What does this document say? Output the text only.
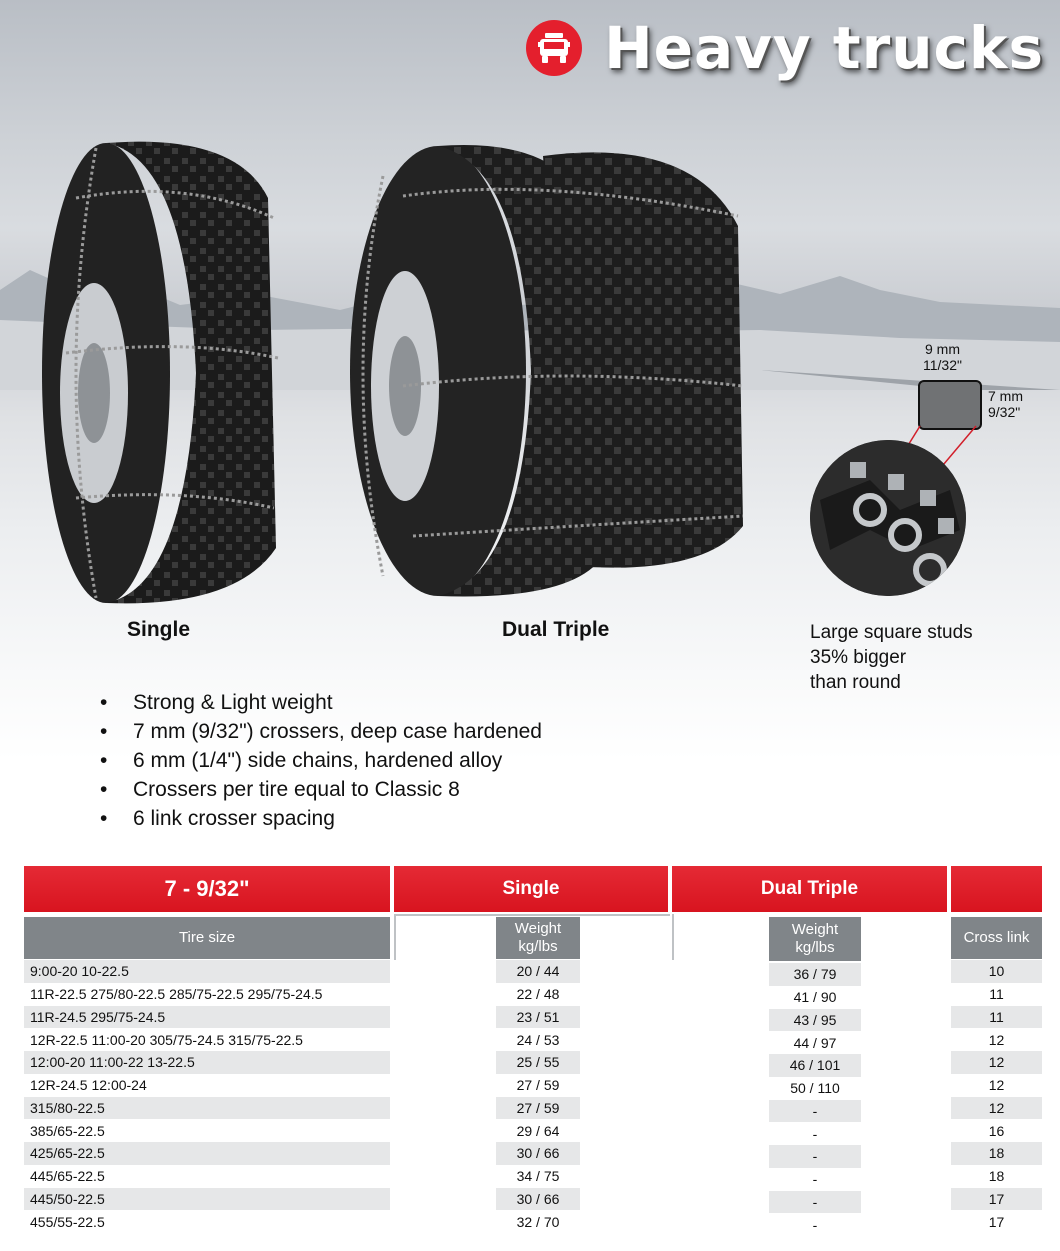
Heavy trucks
Single	Dual Triple
9 mm
11/32"
7 mm
9/32"
Large square studs
35% bigger
than round
• Strong & Light weight
• 7 mm (9/32") crossers, deep case hardened
• 6 mm (1/4") side chains, hardened alloy
• Crossers per tire equal to Classic 8
• 6 link crosser spacing
7 - 9/32"	Single	Dual Triple
Tire size
Weight
kg/lbs
Weight
kg/lbs
Cross link
9:00-20 10-22.5	20 / 44	36 / 79	10
11R-22.5 275/80-22.5 285/75-22.5 295/75-24.5	22 / 48	41 / 90	11
11R-24.5 295/75-24.5	23 / 51	43 / 95	11
12R-22.5 11:00-20 305/75-24.5 315/75-22.5	24 / 53	44 / 97	12
12:00-20 11:00-22 13-22.5	25 / 55	46 / 101	12
12R-24.5 12:00-24	27 / 59	50 / 110	12
315/80-22.5	27 / 59	-	12
385/65-22.5	29 / 64	-	16
425/65-22.5	30 / 66	-	18
445/65-22.5	34 / 75	-	18
445/50-22.5	30 / 66	-	17
455/55-22.5	32 / 70	-	17
